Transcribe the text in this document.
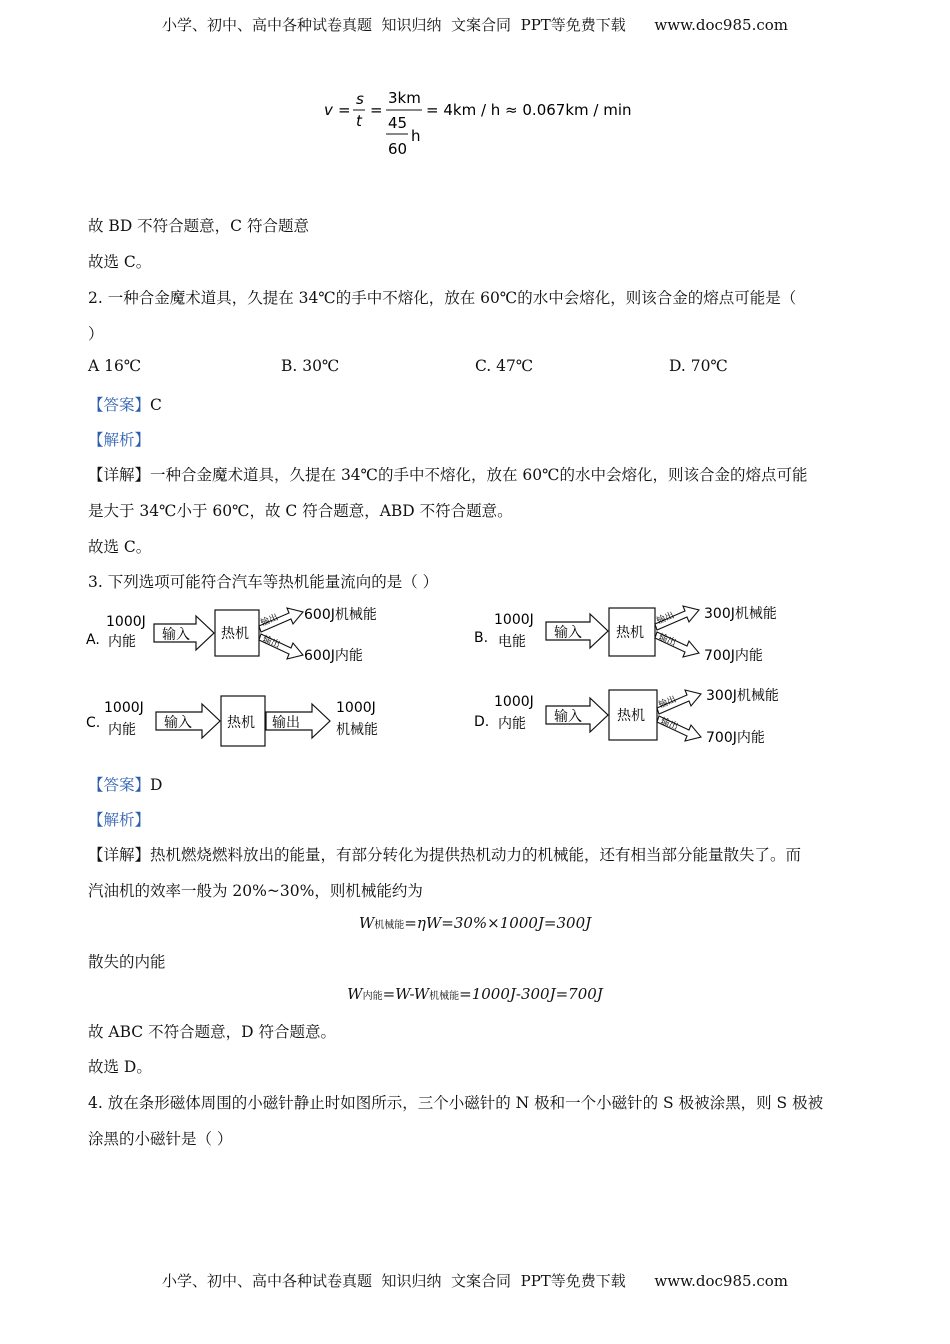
小学、初中、高中各种试卷真题  知识归纳  文案合同  PPT等免费下载      www.doc985.com
v =
s
t
=
3km
45
60
h
= 4km / h ≈ 0.067km / min
故 BD 不符合题意，C 符合题意
故选 C。
2. 一种合金魔术道具，久提在 34℃的手中不熔化，放在 60℃的水中会熔化，则该合金的熔点可能是（
）
A 16℃	B. 30℃	C. 47℃	D. 70℃
【答案】C
【解析】
【详解】一种合金魔术道具，久提在 34℃的手中不熔化，放在 60℃的水中会熔化，则该合金的熔点可能
是大于 34℃小于 60℃，故 C 符合题意，ABD 不符合题意。
故选 C。
3. 下列选项可能符合汽车等热机能量流向的是（ ）
A.
1000J
内能 输入 热机
输出
输出
600J机械能
600J内能
B.
1000J
电能
输入 热机
输出
输出
300J机械能
700J内能
C.
1000J
内能 输入	热机 输出
1000J
机械能	D.
1000J
内能 输入	热机
输出
输出
300J机械能
700J内能
【答案】D
【解析】
【详解】热机燃烧燃料放出的能量，有部分转化为提供热机动力的机械能，还有相当部分能量散失了。而
汽油机的效率一般为 20%~30%，则机械能约为
W机械能=ηW=30%×1000J=300J
散失的内能
W内能=W-W机械能=1000J-300J=700J
故 ABC 不符合题意，D 符合题意。
故选 D。
4. 放在条形磁体周围的小磁针静止时如图所示，三个小磁针的 N 极和一个小磁针的 S 极被涂黑，则 S 极被
涂黑的小磁针是（ ）
小学、初中、高中各种试卷真题  知识归纳  文案合同  PPT等免费下载      www.doc985.com
